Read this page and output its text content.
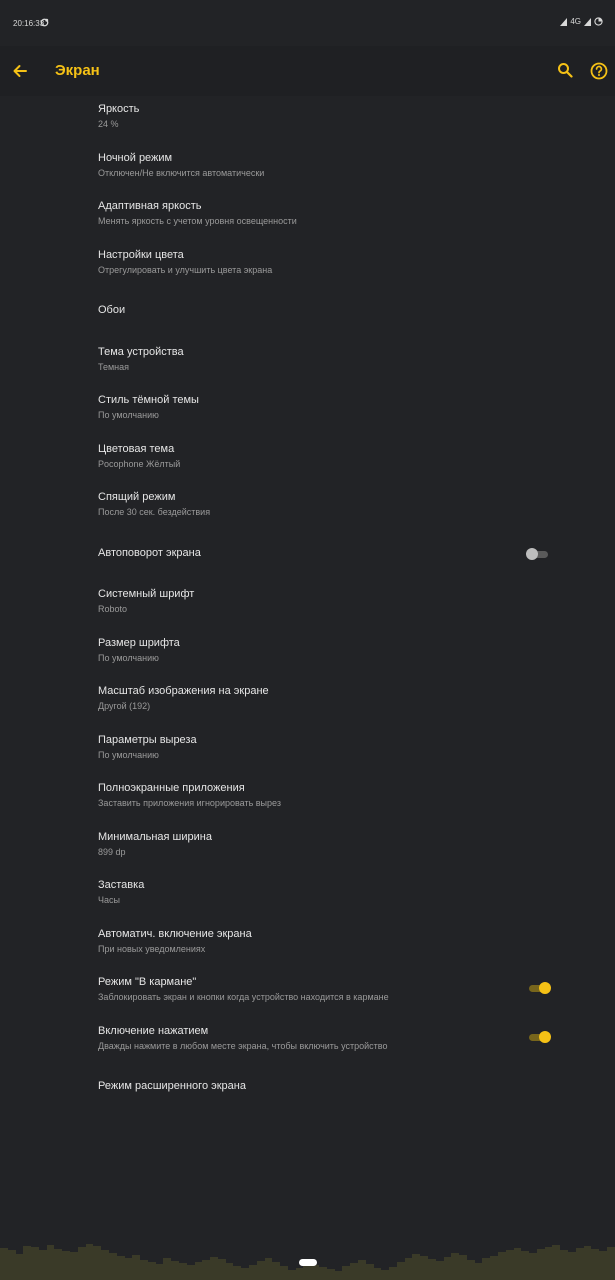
20:16:33	4G
Экран
Яркость
24 %
Ночной режим
Отключен/Не включится автоматически
Адаптивная яркость
Менять яркость с учетом уровня освещенности
Настройки цвета
Отрегулировать и улучшить цвета экрана
Обои
Тема устройства
Темная
Стиль тёмной темы
По умолчанию
Цветовая тема
Pocophone Жёлтый
Спящий режим
После 30 сек. бездействия
Автоповорот экрана
Системный шрифт
Roboto
Размер шрифта
По умолчанию
Масштаб изображения на экране
Другой (192)
Параметры выреза
По умолчанию
Полноэкранные приложения
Заставить приложения игнорировать вырез
Минимальная ширина
899 dp
Заставка
Часы
Автоматич. включение экрана
При новых уведомлениях
Режим "В кармане"
Заблокировать экран и кнопки когда устройство находится в кармане
Включение нажатием
Дважды нажмите в любом месте экрана, чтобы включить устройство
Режим расширенного экрана
